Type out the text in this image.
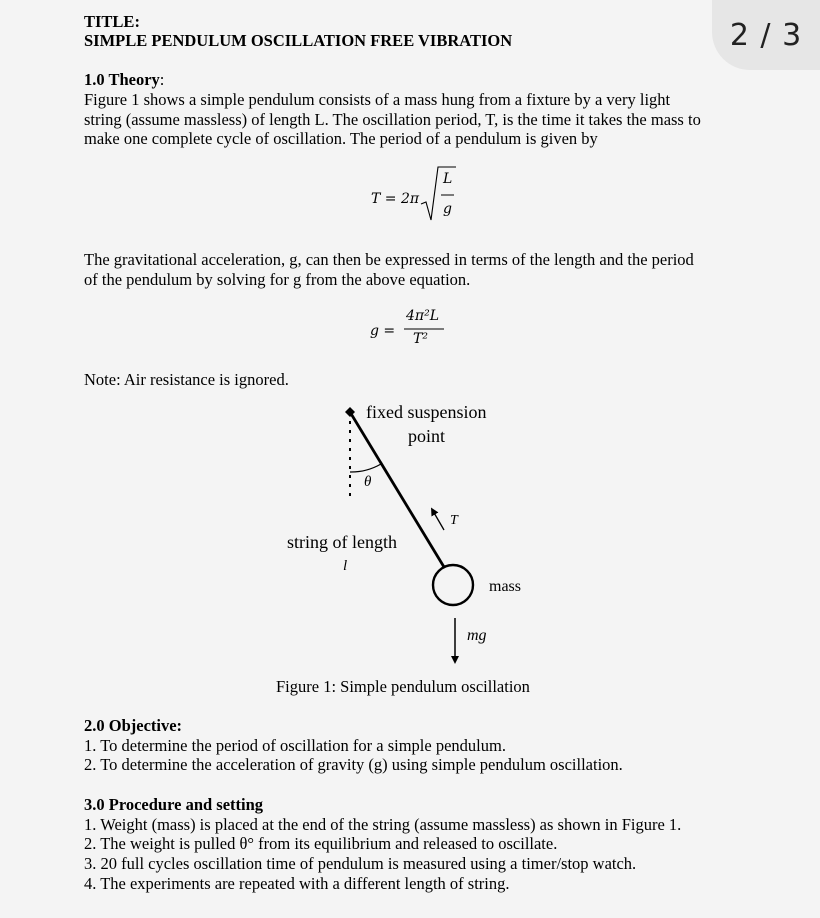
2 / 3
TITLE:
SIMPLE PENDULUM OSCILLATION FREE VIBRATION
1.0 Theory:
Figure 1 shows a simple pendulum consists of a mass hung from a fixture by a very light
string (assume massless) of length L. The oscillation period, T, is the time it takes the mass to
make one complete cycle of oscillation. The period of a pendulum is given by
T = 2π
L
g
The gravitational acceleration, g, can then be expressed in terms of the length and the period
of the pendulum by solving for g from the above equation.
g =
4π²L
T²
Note: Air resistance is ignored.
fixed suspension
point
θ
T
string of length
l
mass
mg
Figure 1: Simple pendulum oscillation
2.0 Objective:
1. To determine the period of oscillation for a simple pendulum.
2. To determine the acceleration of gravity (g) using simple pendulum oscillation.
3.0 Procedure and setting
1. Weight (mass) is placed at the end of the string (assume massless) as shown in Figure 1.
2. The weight is pulled θ° from its equilibrium and released to oscillate.
3. 20 full cycles oscillation time of pendulum is measured using a timer/stop watch.
4. The experiments are repeated with a different length of string.
